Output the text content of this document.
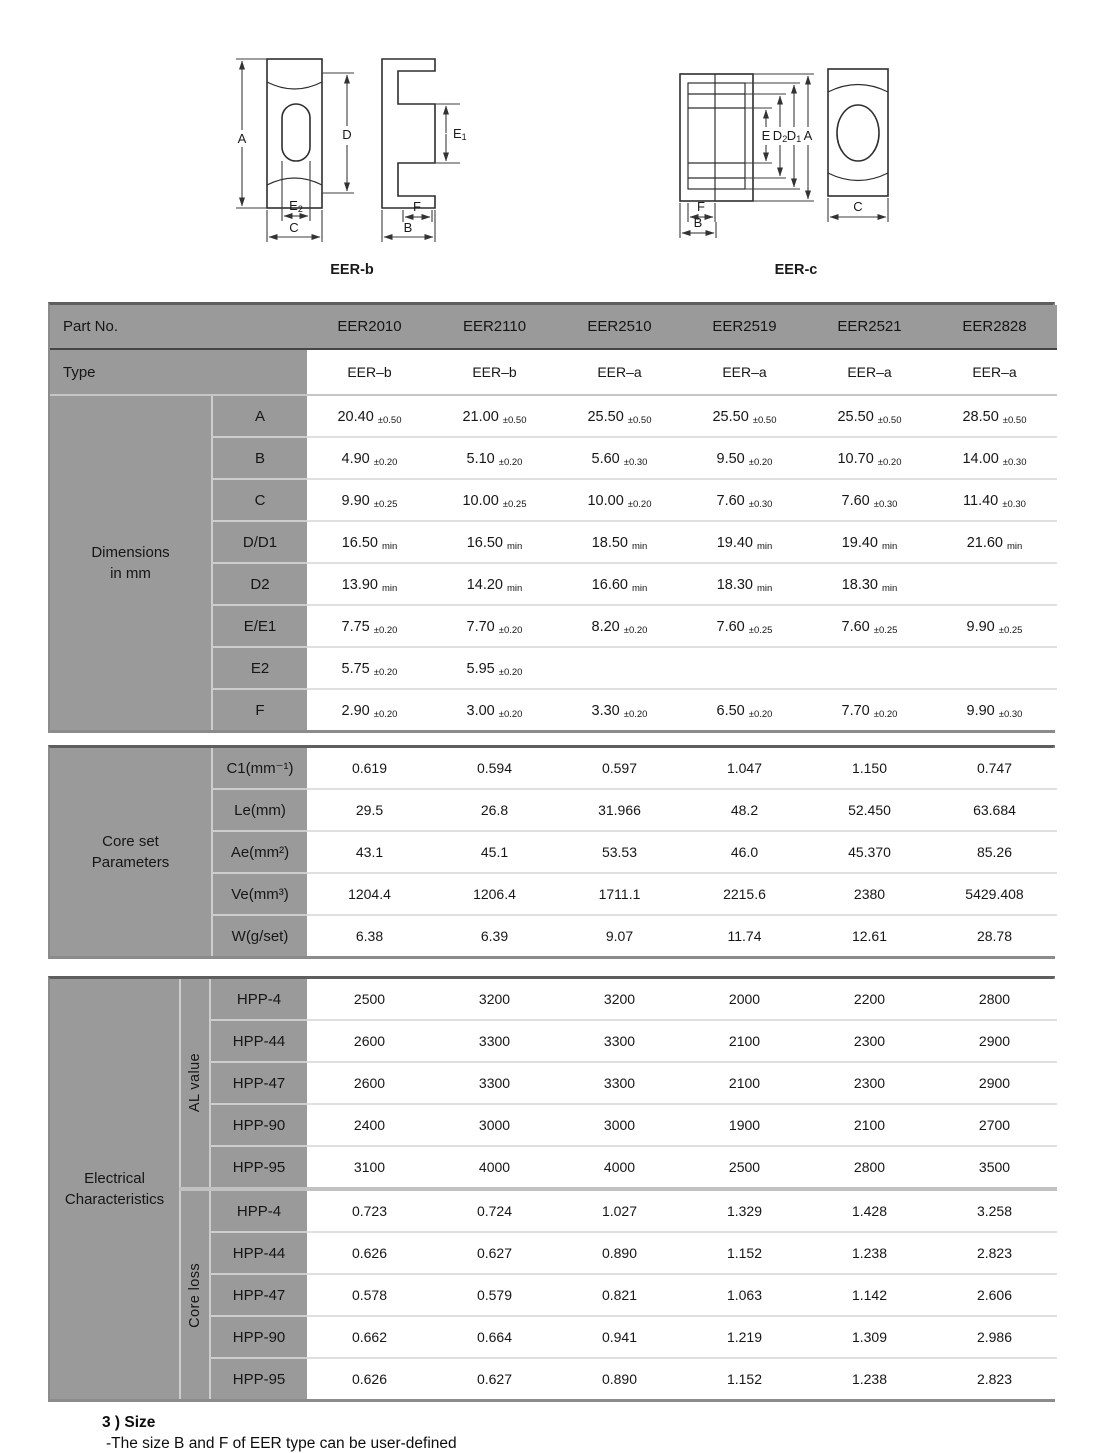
A	D
E2
C
E1
F
B
EER-b
E D2 D1 A
F
B
C
EER-c
Part No.		EER2010	EER2110	EER2510	EER2519	EER2521	EER2828
Type		EER–b	EER–b	EER–a	EER–a	EER–a	EER–a

Dimensions in mm	A	20.40 ±0.50	21.00 ±0.50	25.50 ±0.50	25.50 ±0.50	25.50 ±0.50	28.50 ±0.50
	B	4.90 ±0.20	5.10 ±0.20	5.60 ±0.30	9.50 ±0.20	10.70 ±0.20	14.00 ±0.30
	C	9.90 ±0.25	10.00 ±0.25	10.00 ±0.20	7.60 ±0.30	7.60 ±0.30	11.40 ±0.30
	D/D1	16.50 min	16.50 min	18.50 min	19.40 min	19.40 min	21.60 min
	D2	13.90 min	14.20 min	16.60 min	18.30 min	18.30 min	
	E/E1	7.75 ±0.20	7.70 ±0.20	8.20 ±0.20	7.60 ±0.25	7.60 ±0.25	9.90 ±0.25
	E2	5.75 ±0.20	5.95 ±0.20				
	F	2.90 ±0.20	3.00 ±0.20	3.30 ±0.20	6.50 ±0.20	7.70 ±0.20	9.90 ±0.30
Core set Parameters	C1(mm⁻¹)	0.619	0.594	0.597	1.047	1.150	0.747
	Le(mm)	29.5	26.8	31.966	48.2	52.450	63.684
	Ae(mm²)	43.1	45.1	53.53	46.0	45.370	85.26
	Ve(mm³)	1204.4	1206.4	1711.1	2215.6	2380	5429.408
	W(g/set)	6.38	6.39	9.07	11.74	12.61	28.78
Electrical Characteristics	AL value	HPP-4	2500	3200	3200	2000	2200	2800
		HPP-44	2600	3300	3300	2100	2300	2900
		HPP-47	2600	3300	3300	2100	2300	2900
		HPP-90	2400	3000	3000	1900	2100	2700
		HPP-95	3100	4000	4000	2500	2800	3500

	Core loss	HPP-4	0.723	0.724	1.027	1.329	1.428	3.258
		HPP-44	0.626	0.627	0.890	1.152	1.238	2.823
		HPP-47	0.578	0.579	0.821	1.063	1.142	2.606
		HPP-90	0.662	0.664	0.941	1.219	1.309	2.986
		HPP-95	0.626	0.627	0.890	1.152	1.238	2.823
3 ) Size
-The size B and F of EER type can be user-defined
